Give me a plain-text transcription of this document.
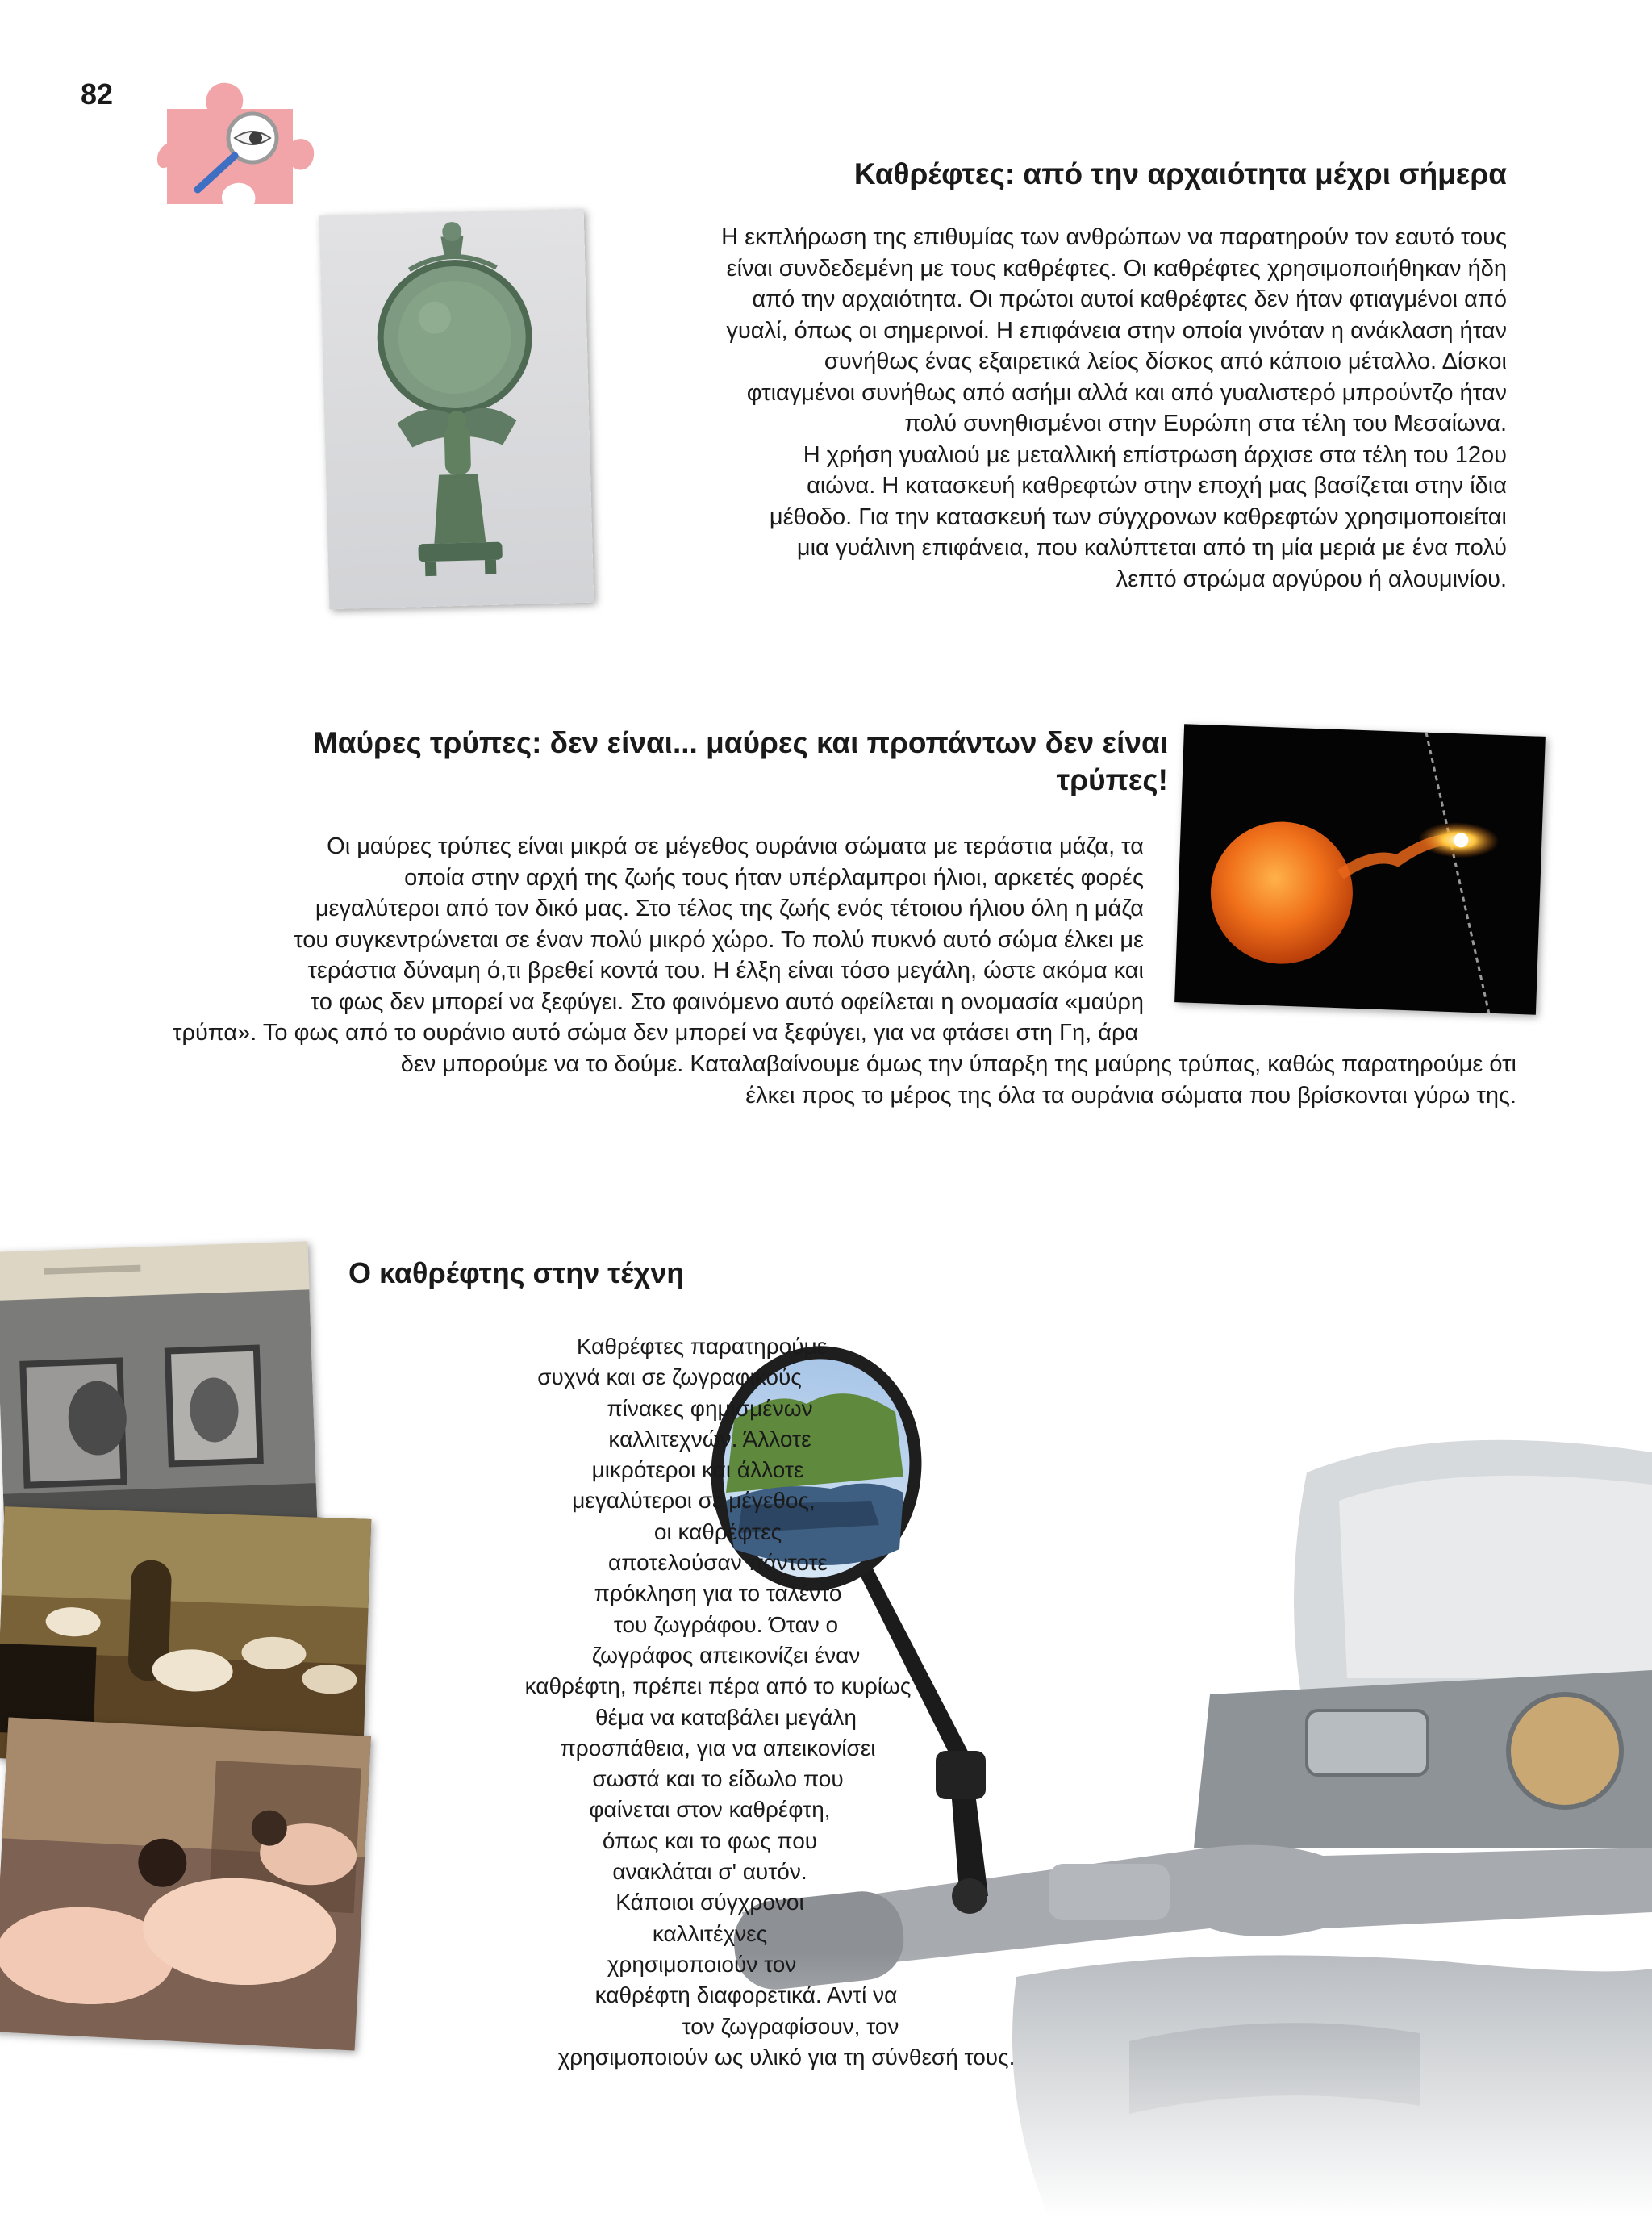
82
Καθρέφτες: από την αρχαιότητα μέχρι σήμερα
Η εκπλήρωση της επιθυμίας των ανθρώπων να παρατηρούν τον εαυτό τους
είναι συνδεδεμένη με τους καθρέφτες. Οι καθρέφτες χρησιμοποιήθηκαν ήδη
από την αρχαιότητα. Οι πρώτοι αυτοί καθρέφτες δεν ήταν φτιαγμένοι από
γυαλί, όπως οι σημερινοί. Η επιφάνεια στην οποία γινόταν η ανάκλαση ήταν
συνήθως ένας εξαιρετικά λείος δίσκος από κάποιο μέταλλο. Δίσκοι
φτιαγμένοι συνήθως από ασήμι αλλά και από γυαλιστερό μπρούντζο ήταν
πολύ συνηθισμένοι στην Ευρώπη στα τέλη του Μεσαίωνα.
Η χρήση γυαλιού με μεταλλική επίστρωση άρχισε στα τέλη του 12ου
αιώνα. Η κατασκευή καθρεφτών στην εποχή μας βασίζεται στην ίδια
μέθοδο. Για την κατασκευή των σύγχρονων καθρεφτών χρησιμοποιείται
μια γυάλινη επιφάνεια, που καλύπτεται από τη μία μεριά με ένα πολύ
λεπτό στρώμα αργύρου ή αλουμινίου.
Μαύρες τρύπες: δεν είναι... μαύρες και προπάντων δεν είναι
τρύπες!
Οι μαύρες τρύπες είναι μικρά σε μέγεθος ουράνια σώματα με τεράστια μάζα, τα
οποία στην αρχή της ζωής τους ήταν υπέρλαμπροι ήλιοι, αρκετές φορές
μεγαλύτεροι από τον δικό μας. Στο τέλος της ζωής ενός τέτοιου ήλιου όλη η μάζα
του συγκεντρώνεται σε έναν πολύ μικρό χώρο. Το πολύ πυκνό αυτό σώμα έλκει με
τεράστια δύναμη ό,τι βρεθεί κοντά του. Η έλξη είναι τόσο μεγάλη, ώστε ακόμα και
το φως δεν μπορεί να ξεφύγει. Στο φαινόμενο αυτό οφείλεται η ονομασία «μαύρη
τρύπα». Το φως από το ουράνιο αυτό σώμα δεν μπορεί να ξεφύγει, για να φτάσει στη Γη, άρα
δεν μπορούμε να το δούμε. Καταλαβαίνουμε όμως την ύπαρξη της μαύρης τρύπας, καθώς παρατηρούμε ότι
έλκει προς το μέρος της όλα τα ουράνια σώματα που βρίσκονται γύρω της.
Ο καθρέφτης στην τέχνη
Καθρέφτες παρατηρούμε
συχνά και σε ζωγραφικούς
πίνακες φημισμένων
καλλιτεχνών. Άλλοτε
μικρότεροι και άλλοτε
μεγαλύτεροι σε μέγεθος,
οι καθρέφτες
αποτελούσαν πάντοτε
πρόκληση για το ταλέντο
του ζωγράφου. Όταν ο
ζωγράφος απεικονίζει έναν
καθρέφτη, πρέπει πέρα από το κυρίως
θέμα να καταβάλει μεγάλη
προσπάθεια, για να απεικονίσει
σωστά και το είδωλο που
φαίνεται στον καθρέφτη,
όπως και το φως που
ανακλάται σ' αυτόν.
Κάποιοι σύγχρονοι
καλλιτέχνες
χρησιμοποιούν τον
καθρέφτη διαφορετικά. Αντί να
τον ζωγραφίσουν, τον
χρησιμοποιούν ως υλικό για τη σύνθεσή τους.
